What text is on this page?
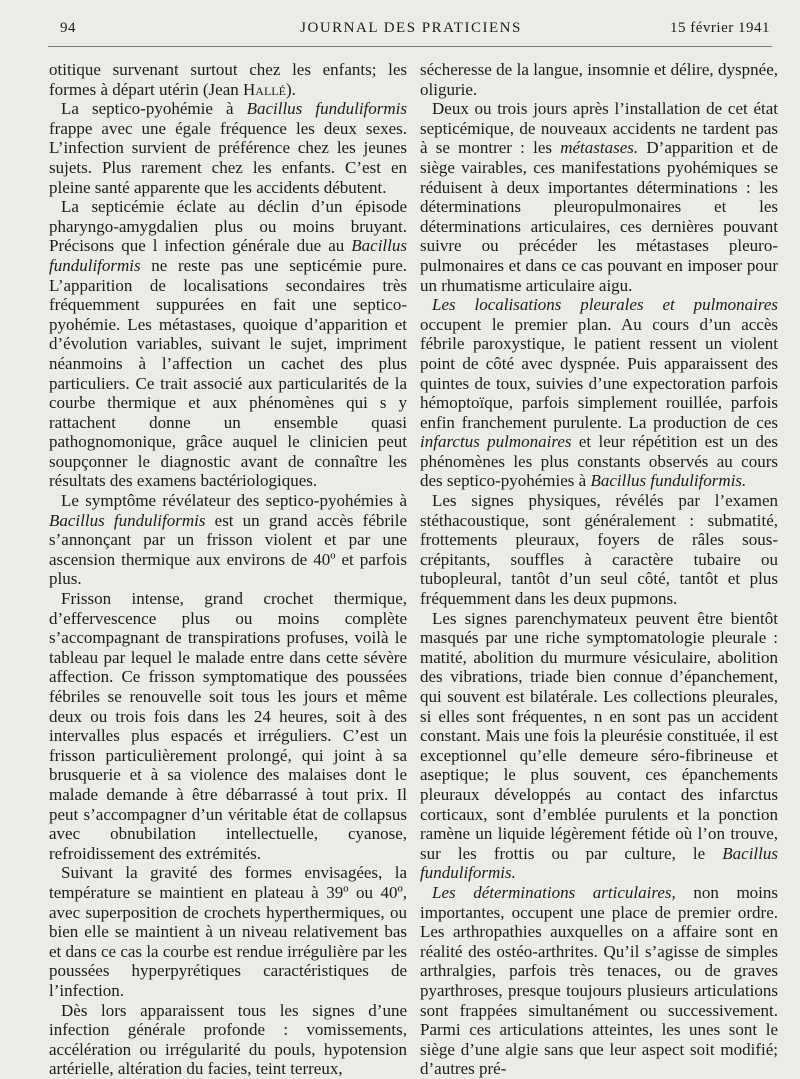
94	JOURNAL DES PRATICIENS	15 février 1941

otitique survenant surtout chez les enfants; les formes à départ utérin (Jean Hallé).

La septico-pyohémie à Bacillus funduliformis frappe avec une égale fréquence les deux sexes. L’infection survient de préférence chez les jeunes sujets. Plus rarement chez les enfants. C’est en pleine santé apparente que les accidents débutent.

La septicémie éclate au déclin d’un épisode pharyngo-amygdalien plus ou moins bruyant. Précisons que l infection générale due au Bacillus funduliformis ne reste pas une septicémie pure. L’apparition de localisations secondaires très fréquemment suppurées en fait une septico-pyohémie. Les métastases, quoique d’apparition et d’évolution variables, suivant le sujet, impriment néanmoins à l’affection un cachet des plus particuliers. Ce trait associé aux particularités de la courbe thermique et aux phénomènes qui s y rattachent donne un ensemble quasi pathognomonique, grâce auquel le clinicien peut soupçonner le diagnostic avant de connaître les résultats des examens bactériologiques.

Le symptôme révélateur des septico-pyohémies à Bacillus funduliformis est un grand accès fébrile s’annonçant par un frisson violent et par une ascension thermique aux environs de 40º et parfois plus.

Frisson intense, grand crochet thermique, d’effervescence plus ou moins complète s’accompagnant de transpirations profuses, voilà le tableau par lequel le malade entre dans cette sévère affection. Ce frisson symptomatique des poussées fébriles se renouvelle soit tous les jours et même deux ou trois fois dans les 24 heures, soit à des intervalles plus espacés et irréguliers. C’est un frisson particulièrement prolongé, qui joint à sa brusquerie et à sa violence des malaises dont le malade demande à être débarrassé à tout prix. Il peut s’accompagner d’un véritable état de collapsus avec obnubilation intellectuelle, cyanose, refroidissement des extrémités.

Suivant la gravité des formes envisagées, la température se maintient en plateau à 39º ou 40º, avec superposition de crochets hyperthermiques, ou bien elle se maintient à un niveau relativement bas et dans ce cas la courbe est rendue irrégulière par les poussées hyperpyrétiques caractéristiques de l’infection.

Dès lors apparaissent tous les signes d’une infection générale profonde : vomissements, accélération ou irrégularité du pouls, hypotension artérielle, altération du facies, teint terreux,

sécheresse de la langue, insomnie et délire, dyspnée, oligurie.

Deux ou trois jours après l’installation de cet état septicémique, de nouveaux accidents ne tardent pas à se montrer : les métastases. D’apparition et de siège vairables, ces manifestations pyohémiques se réduisent à deux importantes déterminations : les déterminations pleuropulmonaires et les déterminations articulaires, ces dernières pouvant suivre ou précéder les métastases pleuro-pulmonaires et dans ce cas pouvant en imposer pour un rhumatisme articulaire aigu.

Les localisations pleurales et pulmonaires occupent le premier plan. Au cours d’un accès fébrile paroxystique, le patient ressent un violent point de côté avec dyspnée. Puis apparaissent des quintes de toux, suivies d’une expectoration parfois hémoptoïque, parfois simplement rouillée, parfois enfin franchement purulente. La production de ces infarctus pulmonaires et leur répétition est un des phénomènes les plus constants observés au cours des septico-pyohémies à Bacillus funduliformis.

Les signes physiques, révélés par l’examen stéthacoustique, sont généralement : submatité, frottements pleuraux, foyers de râles sous-crépitants, souffles à caractère tubaire ou tubopleural, tantôt d’un seul côté, tantôt et plus fréquemment dans les deux pupmons.

Les signes parenchymateux peuvent être bientôt masqués par une riche symptomatologie pleurale : matité, abolition du murmure vésiculaire, abolition des vibrations, triade bien connue d’épanchement, qui souvent est bilatérale. Les collections pleurales, si elles sont fréquentes, n en sont pas un accident constant. Mais une fois la pleurésie constituée, il est exceptionnel qu’elle demeure séro-fibrineuse et aseptique; le plus souvent, ces épanchements pleuraux développés au contact des infarctus corticaux, sont d’emblée purulents et la ponction ramène un liquide légèrement fétide où l’on trouve, sur les frottis ou par culture, le Bacillus funduliformis.

Les déterminations articulaires, non moins importantes, occupent une place de premier ordre. Les arthropathies auxquelles on a affaire sont en réalité des ostéo-arthrites. Qu’il s’agisse de simples arthralgies, parfois très tenaces, ou de graves pyarthroses, presque toujours plusieurs articulations sont frappées simultanément ou successivement. Parmi ces articulations atteintes, les unes sont le siège d’une algie sans que leur aspect soit modifié; d’autres pré-
